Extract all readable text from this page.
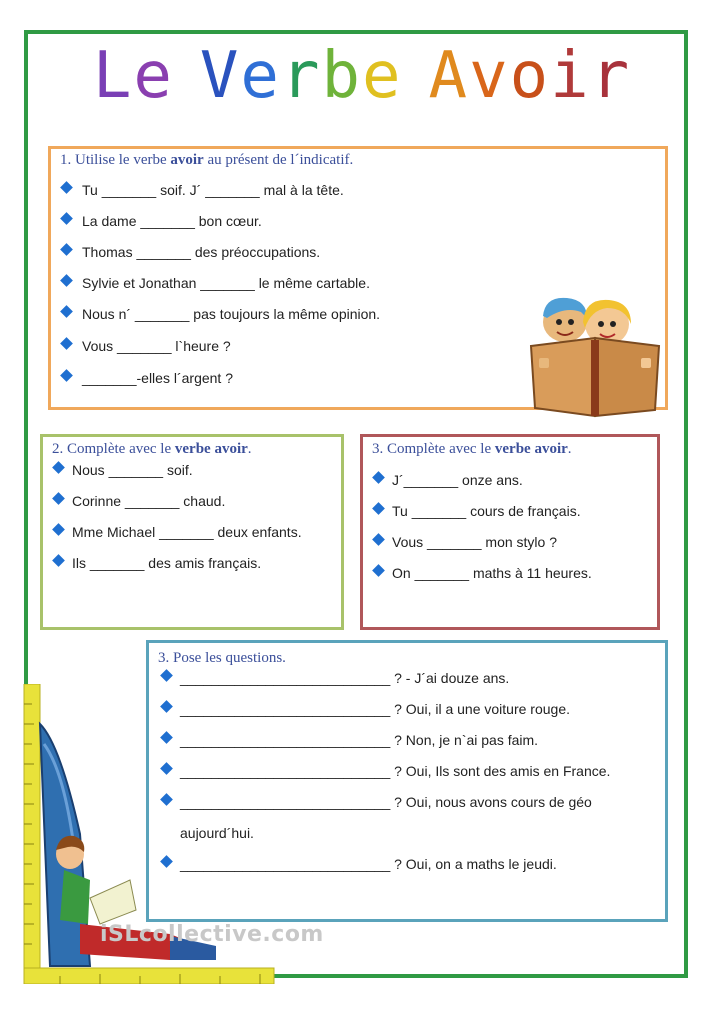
Le Verbe Avoir
1. Utilise le verbe avoir au présent de l´indicatif.
Tu _______ soif. J´ _______ mal à la tête.
La dame _______ bon cœur.
Thomas _______ des préoccupations.
Sylvie et Jonathan _______ le même cartable.
Nous n´ _______ pas toujours la même opinion.
Vous _______ l`heure ?
_______-elles l´argent ?
2. Complète avec le verbe avoir.
Nous _______ soif.
Corinne _______ chaud.
Mme Michael _______ deux enfants.
Ils _______ des amis français.
3. Complète avec le verbe avoir.
J´_______ onze ans.
Tu _______ cours de français.
Vous _______ mon stylo ?
On _______ maths à 11 heures.
3. Pose les questions.
___________________________ ? - J´ai douze ans.
___________________________ ? Oui, il a une voiture rouge.
___________________________ ? Non, je n`ai pas faim.
___________________________ ? Oui, Ils sont des amis en France.
___________________________ ? Oui, nous avons cours de géo
aujourd´hui.
___________________________ ? Oui, on a maths le jeudi.
iSLcollective.com
